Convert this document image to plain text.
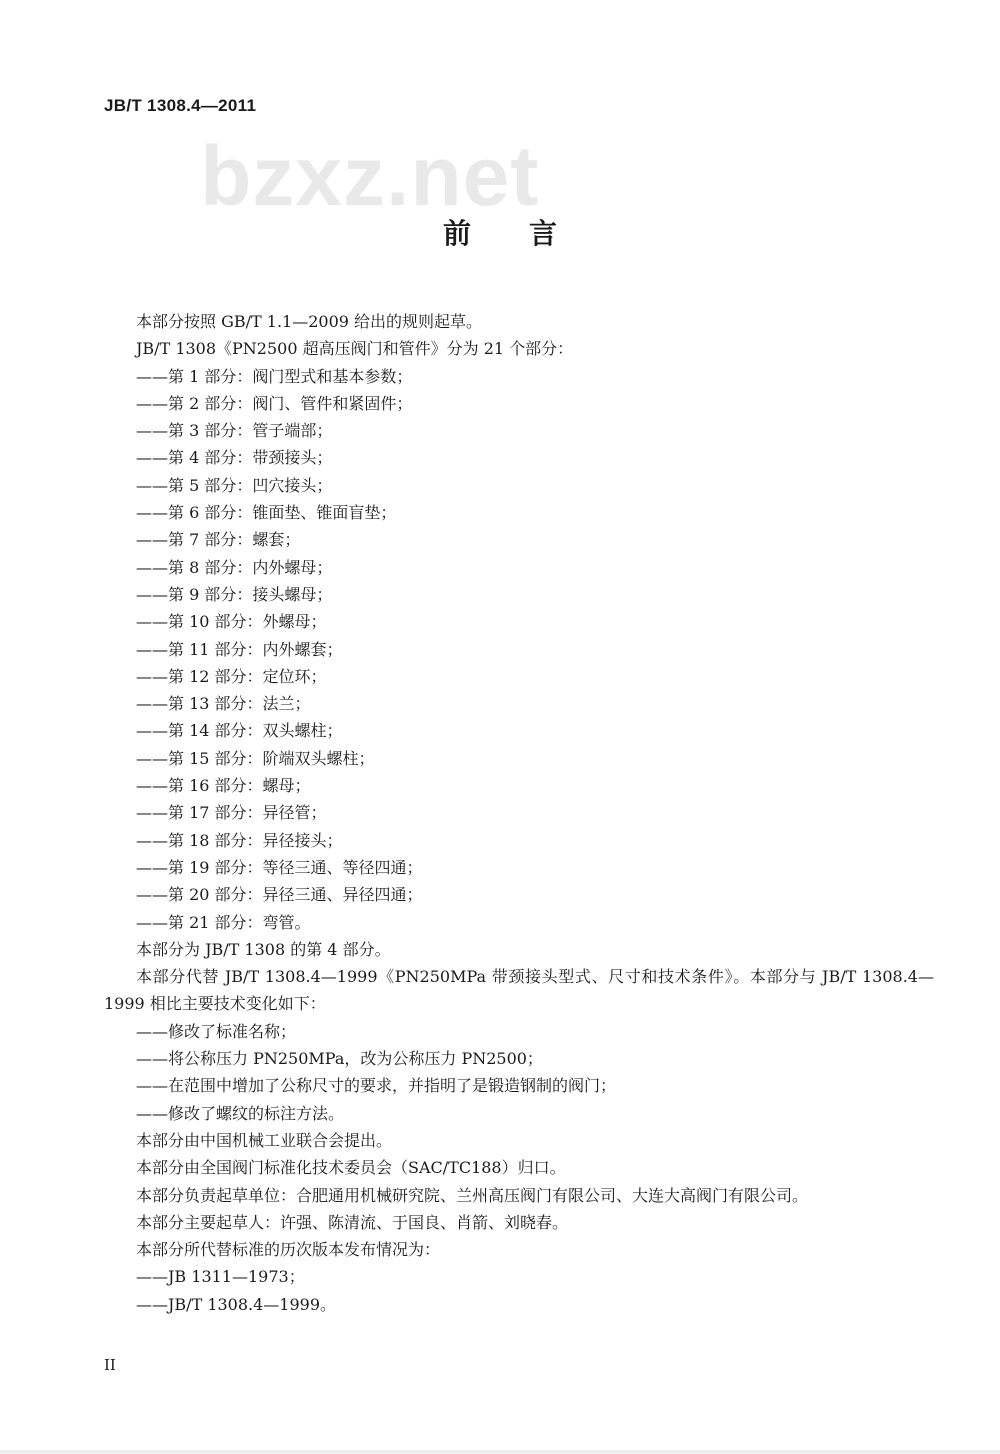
JB/T 1308.4—2011
bzxz.net
前言

本部分按照 GB/T 1.1—2009 给出的规则起草。

JB/T 1308《PN2500 超高压阀门和管件》分为 21 个部分：

——第 1 部分：阀门型式和基本参数；

——第 2 部分：阀门、管件和紧固件；

——第 3 部分：管子端部；

——第 4 部分：带颈接头；

——第 5 部分：凹穴接头；

——第 6 部分：锥面垫、锥面盲垫；

——第 7 部分：螺套；

——第 8 部分：内外螺母；

——第 9 部分：接头螺母；

——第 10 部分：外螺母；

——第 11 部分：内外螺套；

——第 12 部分：定位环；

——第 13 部分：法兰；

——第 14 部分：双头螺柱；

——第 15 部分：阶端双头螺柱；

——第 16 部分：螺母；

——第 17 部分：异径管；

——第 18 部分：异径接头；

——第 19 部分：等径三通、等径四通；

——第 20 部分：异径三通、异径四通；

——第 21 部分：弯管。

本部分为 JB/T 1308 的第 4 部分。

本部分代替 JB/T 1308.4—1999《PN250MPa 带颈接头型式、尺寸和技术条件》。本部分与 JB/T 1308.4—1999 相比主要技术变化如下：

——修改了标准名称；

——将公称压力 PN250MPa，改为公称压力 PN2500；

——在范围中增加了公称尺寸的要求，并指明了是锻造钢制的阀门；

——修改了螺纹的标注方法。

本部分由中国机械工业联合会提出。

本部分由全国阀门标准化技术委员会（SAC/TC188）归口。

本部分负责起草单位：合肥通用机械研究院、兰州高压阀门有限公司、大连大高阀门有限公司。

本部分主要起草人：许强、陈清流、于国良、肖箭、刘晓春。

本部分所代替标准的历次版本发布情况为：

——JB 1311—1973；

——JB/T 1308.4—1999。

II
